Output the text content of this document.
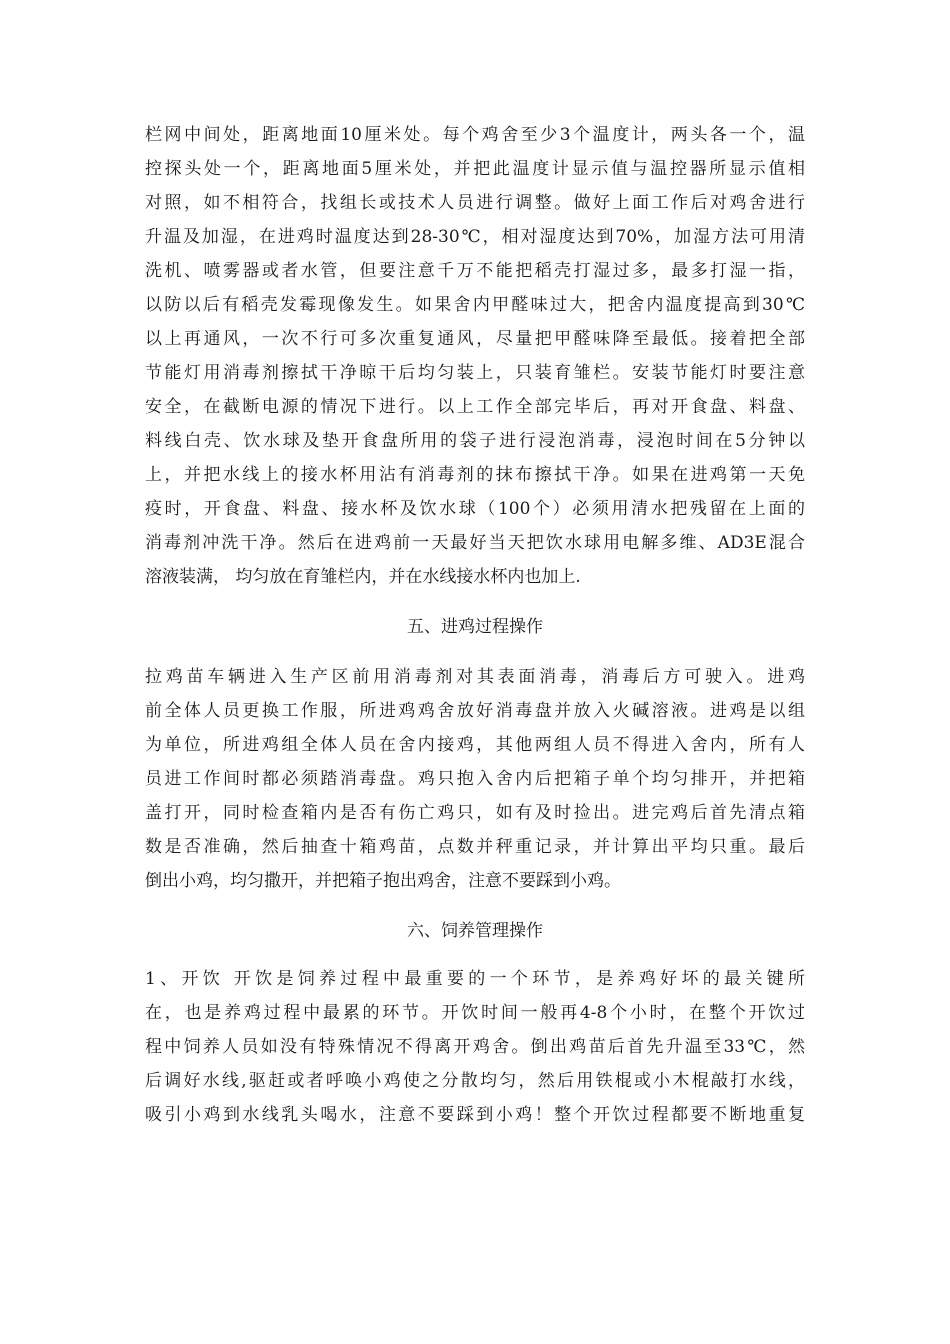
栏网中间处，距离地面10厘米处。每个鸡舍至少3个温度计，两头各一个，温
控探头处一个，距离地面5厘米处，并把此温度计显示值与温控器所显示值相
对照，如不相符合，找组长或技术人员进行调整。做好上面工作后对鸡舍进行
升温及加湿，在进鸡时温度达到28-30℃，相对湿度达到70%，加湿方法可用清
洗机、喷雾器或者水管，但要注意千万不能把稻壳打湿过多，最多打湿一指，
以防以后有稻壳发霉现像发生。如果舍内甲醛味过大，把舍内温度提高到30℃
以上再通风，一次不行可多次重复通风，尽量把甲醛味降至最低。接着把全部
节能灯用消毒剂擦拭干净晾干后均匀装上，只装育雏栏。安装节能灯时要注意
安全，在截断电源的情况下进行。以上工作全部完毕后，再对开食盘、料盘、
料线白壳、饮水球及垫开食盘所用的袋子进行浸泡消毒，浸泡时间在5分钟以
上，并把水线上的接水杯用沾有消毒剂的抹布擦拭干净。如果在进鸡第一天免
疫时，开食盘、料盘、接水杯及饮水球（100个）必须用清水把残留在上面的
消毒剂冲洗干净。然后在进鸡前一天最好当天把饮水球用电解多维、AD3E混合
溶液装满， 均匀放在育雏栏内，并在水线接水杯内也加上.
五、进鸡过程操作
拉鸡苗车辆进入生产区前用消毒剂对其表面消毒，消毒后方可驶入。进鸡
前全体人员更换工作服，所进鸡鸡舍放好消毒盘并放入火碱溶液。进鸡是以组
为单位，所进鸡组全体人员在舍内接鸡，其他两组人员不得进入舍内，所有人
员进工作间时都必须踏消毒盘。鸡只抱入舍内后把箱子单个均匀排开，并把箱
盖打开，同时检查箱内是否有伤亡鸡只，如有及时捡出。进完鸡后首先清点箱
数是否准确，然后抽查十箱鸡苗，点数并秤重记录，并计算出平均只重。最后
倒出小鸡，均匀撒开，并把箱子抱出鸡舍，注意不要踩到小鸡。
六、饲养管理操作
1、开饮 开饮是饲养过程中最重要的一个环节，是养鸡好坏的最关键所
在，也是养鸡过程中最累的环节。开饮时间一般再4-8个小时，在整个开饮过
程中饲养人员如没有特殊情况不得离开鸡舍。倒出鸡苗后首先升温至33℃，然
后调好水线,驱赶或者呼唤小鸡使之分散均匀，然后用铁棍或小木棍敲打水线，
吸引小鸡到水线乳头喝水，注意不要踩到小鸡！整个开饮过程都要不断地重复
